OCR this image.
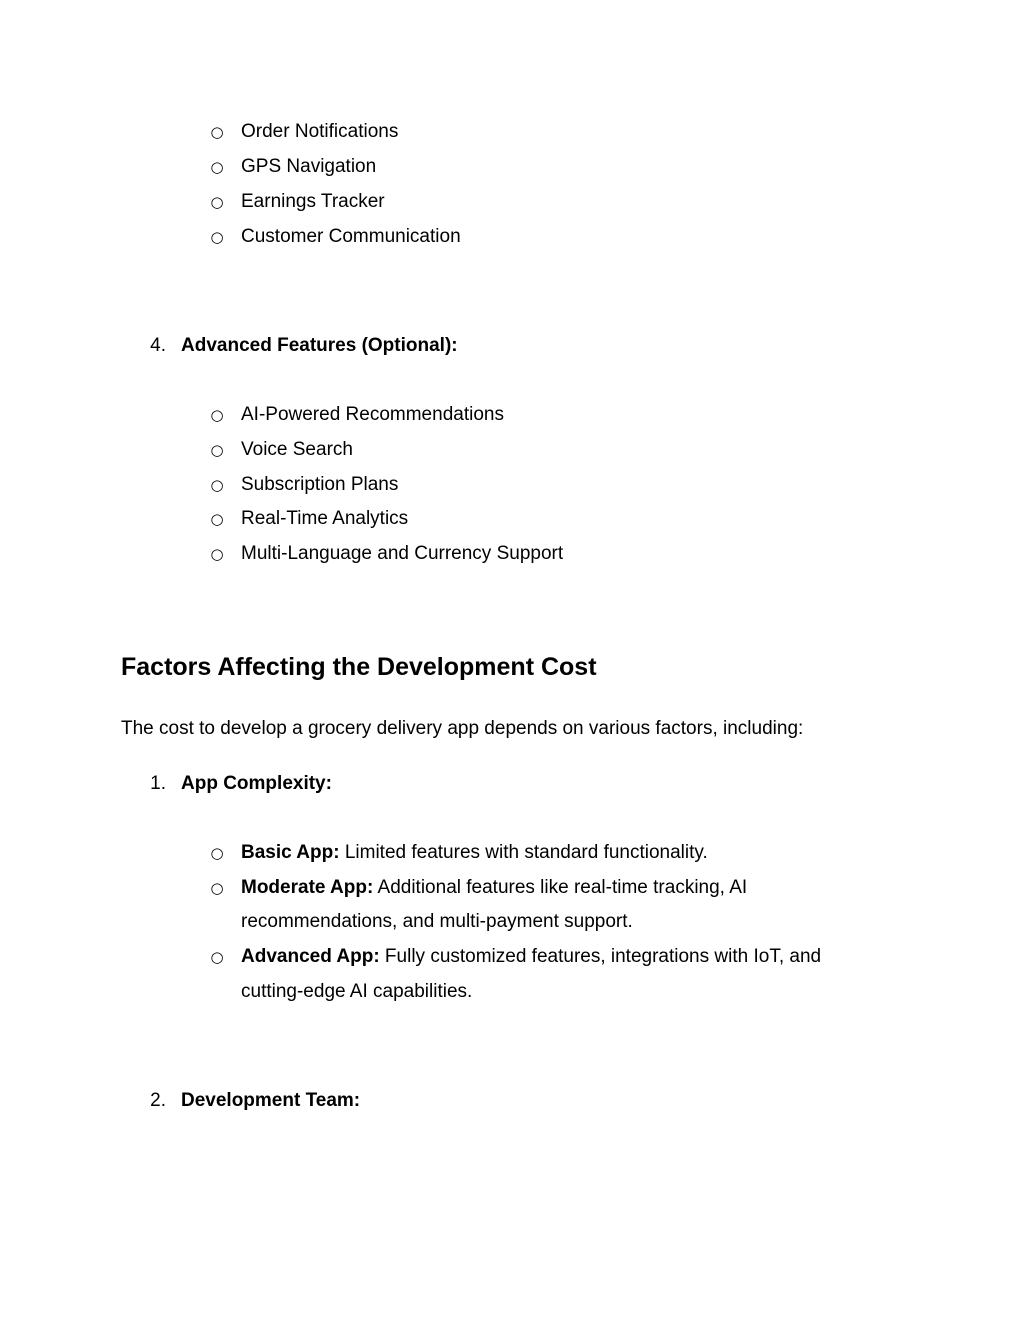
○ Order Notifications
○ GPS Navigation
○ Earnings Tracker
○ Customer Communication
4. Advanced Features (Optional):
○ AI-Powered Recommendations
○ Voice Search
○ Subscription Plans
○ Real-Time Analytics
○ Multi-Language and Currency Support
Factors Affecting the Development Cost
The cost to develop a grocery delivery app depends on various factors, including:
1. App Complexity:
○ Basic App: Limited features with standard functionality.
○ Moderate App: Additional features like real-time tracking, AI
recommendations, and multi-payment support.
○ Advanced App: Fully customized features, integrations with IoT, and
cutting-edge AI capabilities.
2. Development Team:
